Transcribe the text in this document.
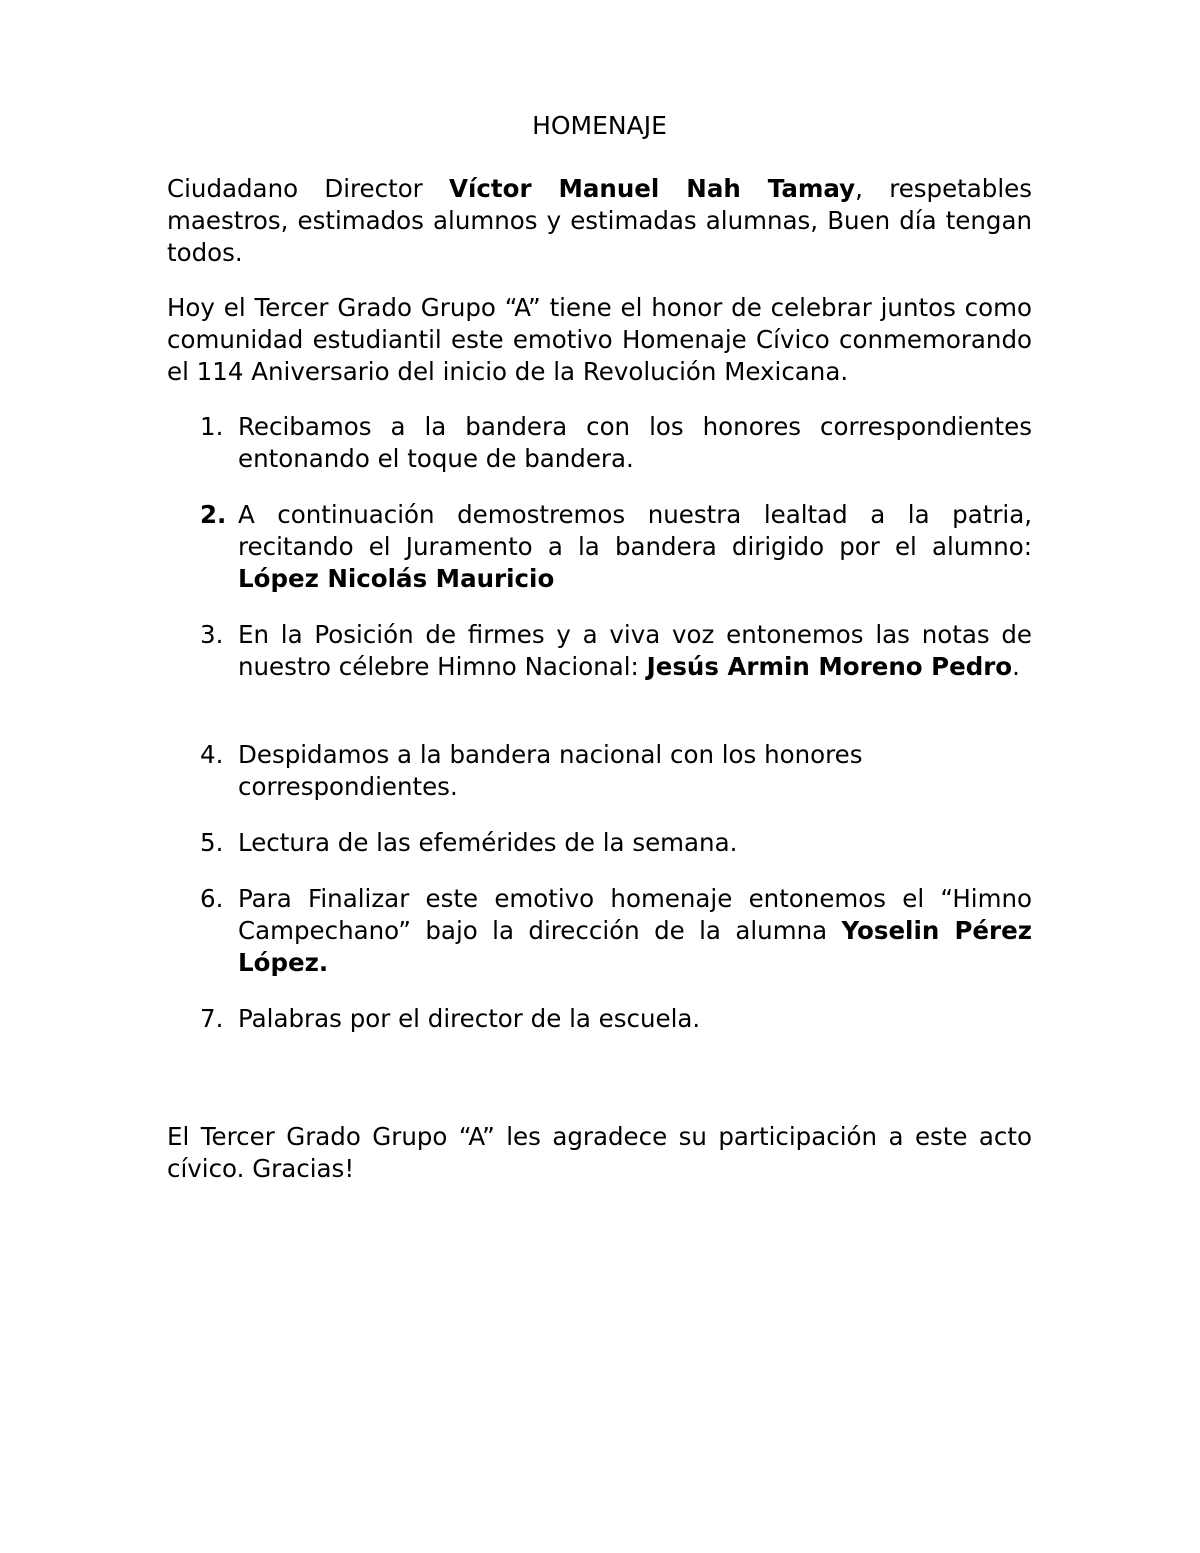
HOMENAJE

Ciudadano Director Víctor Manuel Nah Tamay, respetables maestros, estimados alumnos y estimadas alumnas, Buen día tengan todos.

Hoy el Tercer Grado Grupo “A” tiene el honor de celebrar juntos como comunidad estudiantil este emotivo Homenaje Cívico conmemorando el 114 Aniversario del inicio de la Revolución Mexicana.

1. Recibamos a la bandera con los honores correspondientes entonando el toque de bandera.
2. A continuación demostremos nuestra lealtad a la patria, recitando el Juramento a la bandera dirigido por el alumno: López Nicolás Mauricio
3. En la Posición de firmes y a viva voz entonemos las notas de nuestro célebre Himno Nacional: Jesús Armin Moreno Pedro.
4. Despidamos a la bandera nacional con los honores correspondientes.
5. Lectura de las efemérides de la semana.
6. Para Finalizar este emotivo homenaje entonemos el “Himno Campechano” bajo la dirección de la alumna Yoselin Pérez López.
7. Palabras por el director de la escuela.

El Tercer Grado Grupo “A” les agradece su participación a este acto cívico. Gracias!
